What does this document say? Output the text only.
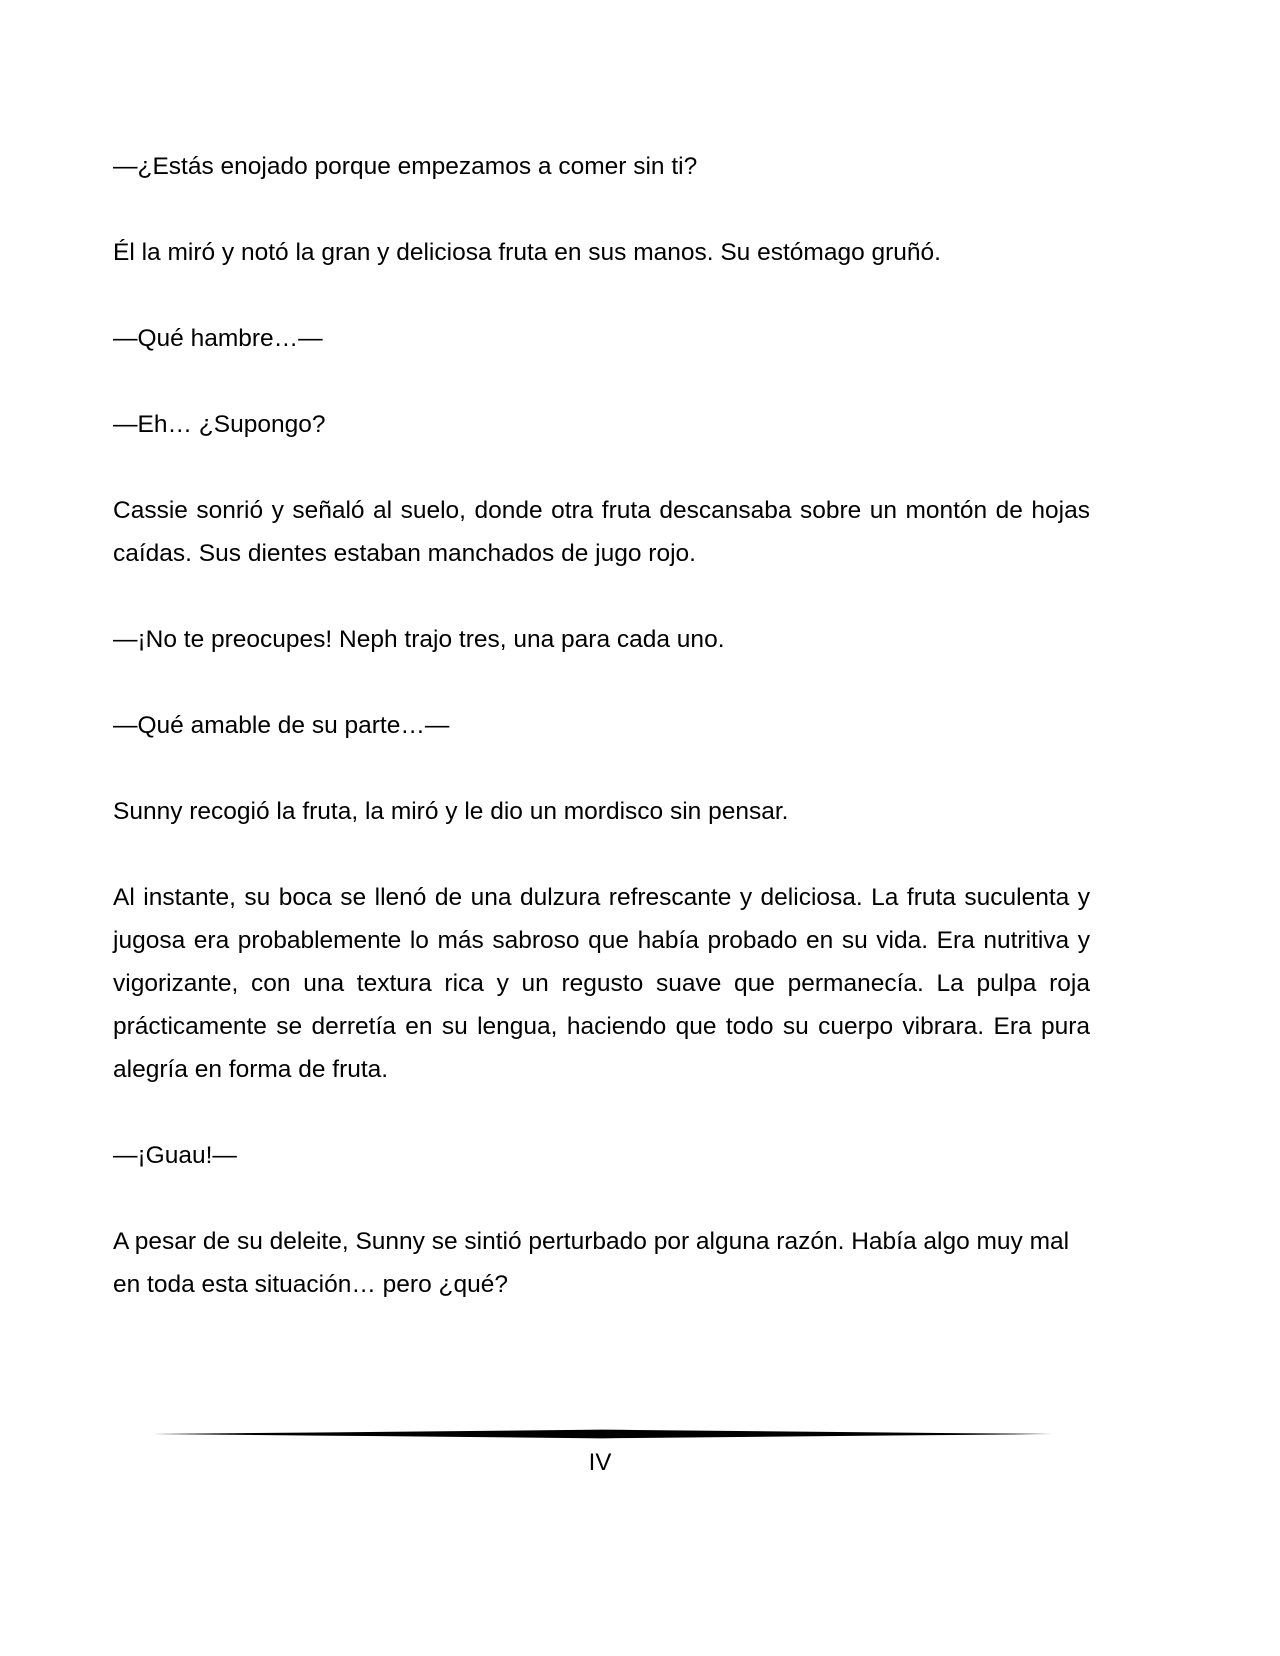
—¿Estás enojado porque empezamos a comer sin ti?

Él la miró y notó la gran y deliciosa fruta en sus manos. Su estómago gruñó.

—Qué hambre…—

—Eh… ¿Supongo?

Cassie sonrió y señaló al suelo, donde otra fruta descansaba sobre un montón de hojas caídas. Sus dientes estaban manchados de jugo rojo.

—¡No te preocupes! Neph trajo tres, una para cada uno.

—Qué amable de su parte…—

Sunny recogió la fruta, la miró y le dio un mordisco sin pensar.

Al instante, su boca se llenó de una dulzura refrescante y deliciosa. La fruta suculenta y jugosa era probablemente lo más sabroso que había probado en su vida. Era nutritiva y vigorizante, con una textura rica y un regusto suave que permanecía. La pulpa roja prácticamente se derretía en su lengua, haciendo que todo su cuerpo vibrara. Era pura alegría en forma de fruta.

—¡Guau!—

A pesar de su deleite, Sunny se sintió perturbado por alguna razón. Había algo muy mal en toda esta situación… pero ¿qué?

IV
